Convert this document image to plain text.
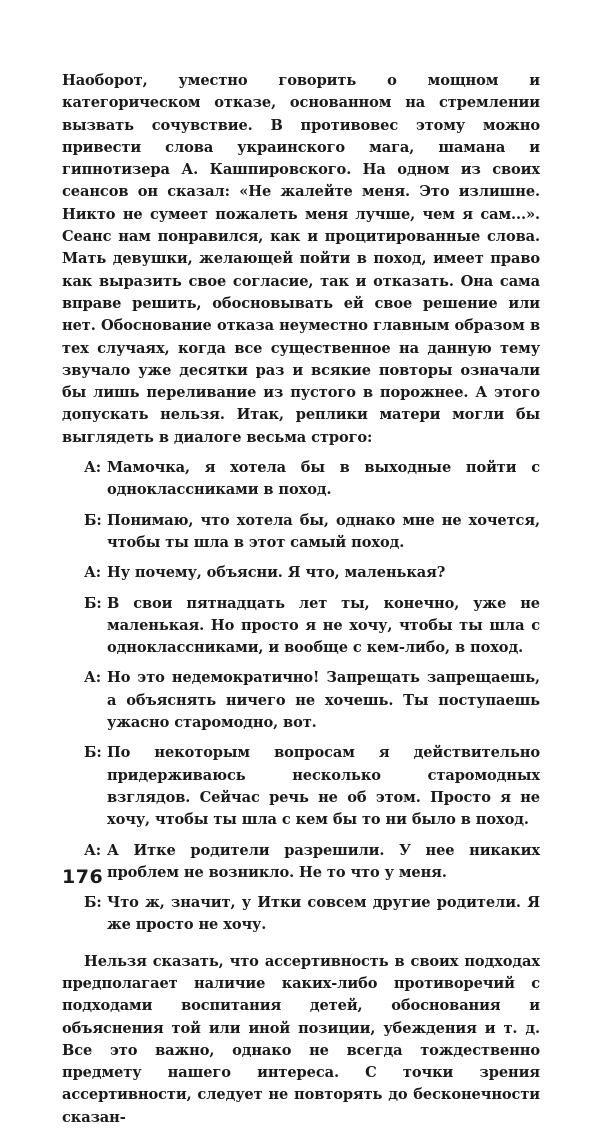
Наоборот, уместно говорить о мощном и категорическом отказе, основанном на стремлении вызвать сочувствие. В противовес этому можно привести слова украинского мага, шамана и гипнотизера А. Кашпировского. На одном из своих сеансов он сказал: «Не жалейте меня. Это излишне. Никто не сумеет пожалеть меня лучше, чем я сам...». Сеанс нам понравился, как и процитированные слова. Мать девушки, желающей пойти в поход, имеет право как выразить свое согласие, так и отказать. Она сама вправе решить, обосновывать ей свое решение или нет. Обоснование отказа неуместно главным образом в тех случаях, когда все существенное на данную тему звучало уже десятки раз и всякие повторы означали бы лишь переливание из пустого в порожнее. А этого допускать нельзя. Итак, реплики матери могли бы выглядеть в диалоге весьма строго:

А: Мамочка, я хотела бы в выходные пойти с одноклассниками в поход.
Б: Понимаю, что хотела бы, однако мне не хочется, чтобы ты шла в этот самый поход.
А: Ну почему, объясни. Я что, маленькая?
Б: В свои пятнадцать лет ты, конечно, уже не маленькая. Но просто я не хочу, чтобы ты шла с одноклассниками, и вообще с кем-либо, в поход.
А: Но это недемократично! Запрещать запрещаешь, а объяснять ничего не хочешь. Ты поступаешь ужасно старомодно, вот.
Б: По некоторым вопросам я действительно придерживаюсь несколько старомодных взглядов. Сейчас речь не об этом. Просто я не хочу, чтобы ты шла с кем бы то ни было в поход.
А: А Итке родители разрешили. У нее никаких проблем не возникло. Не то что у меня.
Б: Что ж, значит, у Итки совсем другие родители. Я же просто не хочу.

Нельзя сказать, что ассертивность в своих подходах предполагает наличие каких-либо противоречий с подходами воспитания детей, обоснования и объяснения той или иной позиции, убеждения и т. д. Все это важно, однако не всегда тождественно предмету нашего интереса. С точки зрения ассертивности, следует не повторять до бесконечности сказан-

176
